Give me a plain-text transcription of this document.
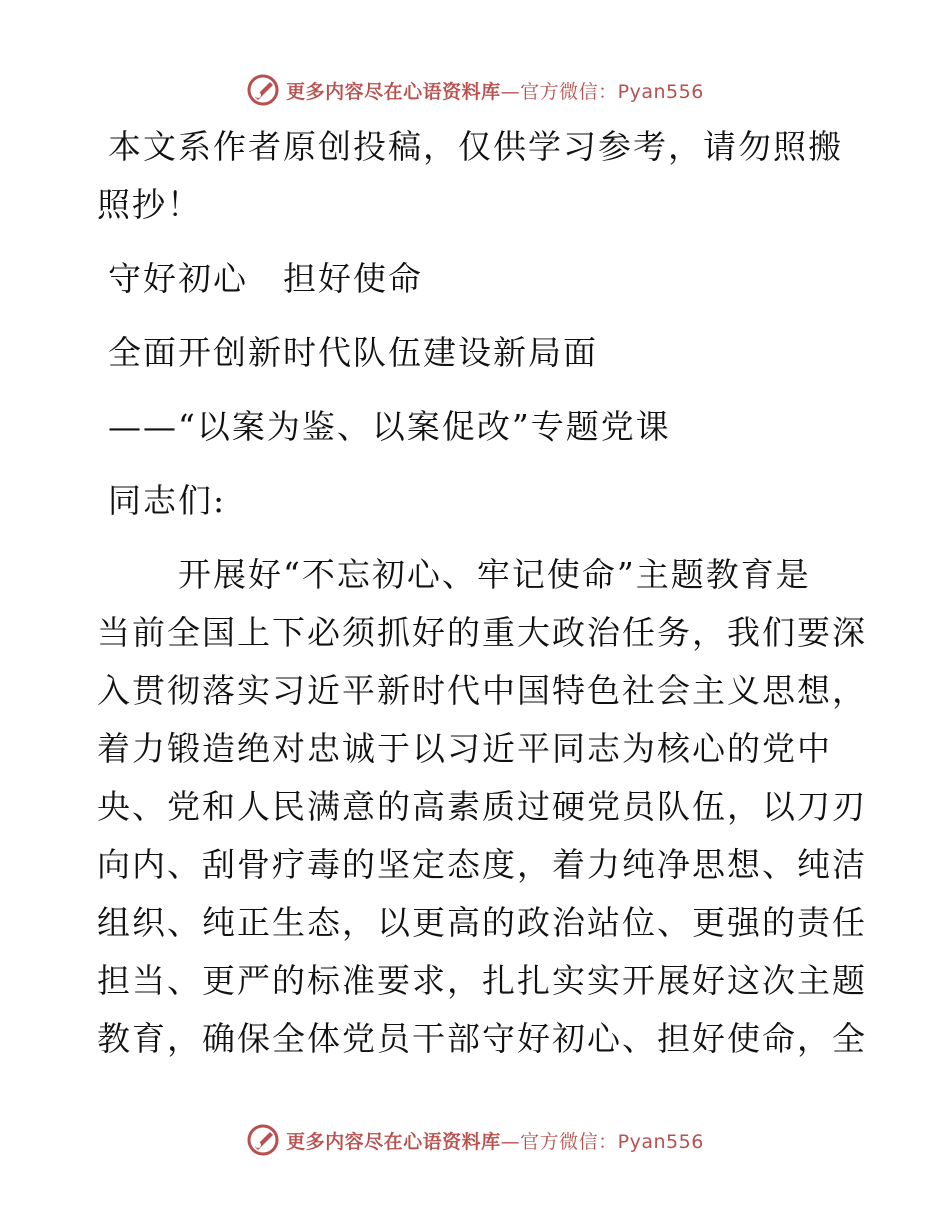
更多内容尽在心语资料库—官方微信：Pyan556
本文系作者原创投稿，仅供学习参考，请勿照搬
照抄！
守好初心　担好使命
全面开创新时代队伍建设新局面
——“以案为鉴、以案促改”专题党课
同志们:
开展好“不忘初心、牢记使命”主题教育是
当前全国上下必须抓好的重大政治任务，我们要深
入贯彻落实习近平新时代中国特色社会主义思想，
着力锻造绝对忠诚于以习近平同志为核心的党中
央、党和人民满意的高素质过硬党员队伍，以刀刃
向内、刮骨疗毒的坚定态度，着力纯净思想、纯洁
组织、纯正生态，以更高的政治站位、更强的责任
担当、更严的标准要求，扎扎实实开展好这次主题
教育，确保全体党员干部守好初心、担好使命，全
更多内容尽在心语资料库—官方微信：Pyan556
